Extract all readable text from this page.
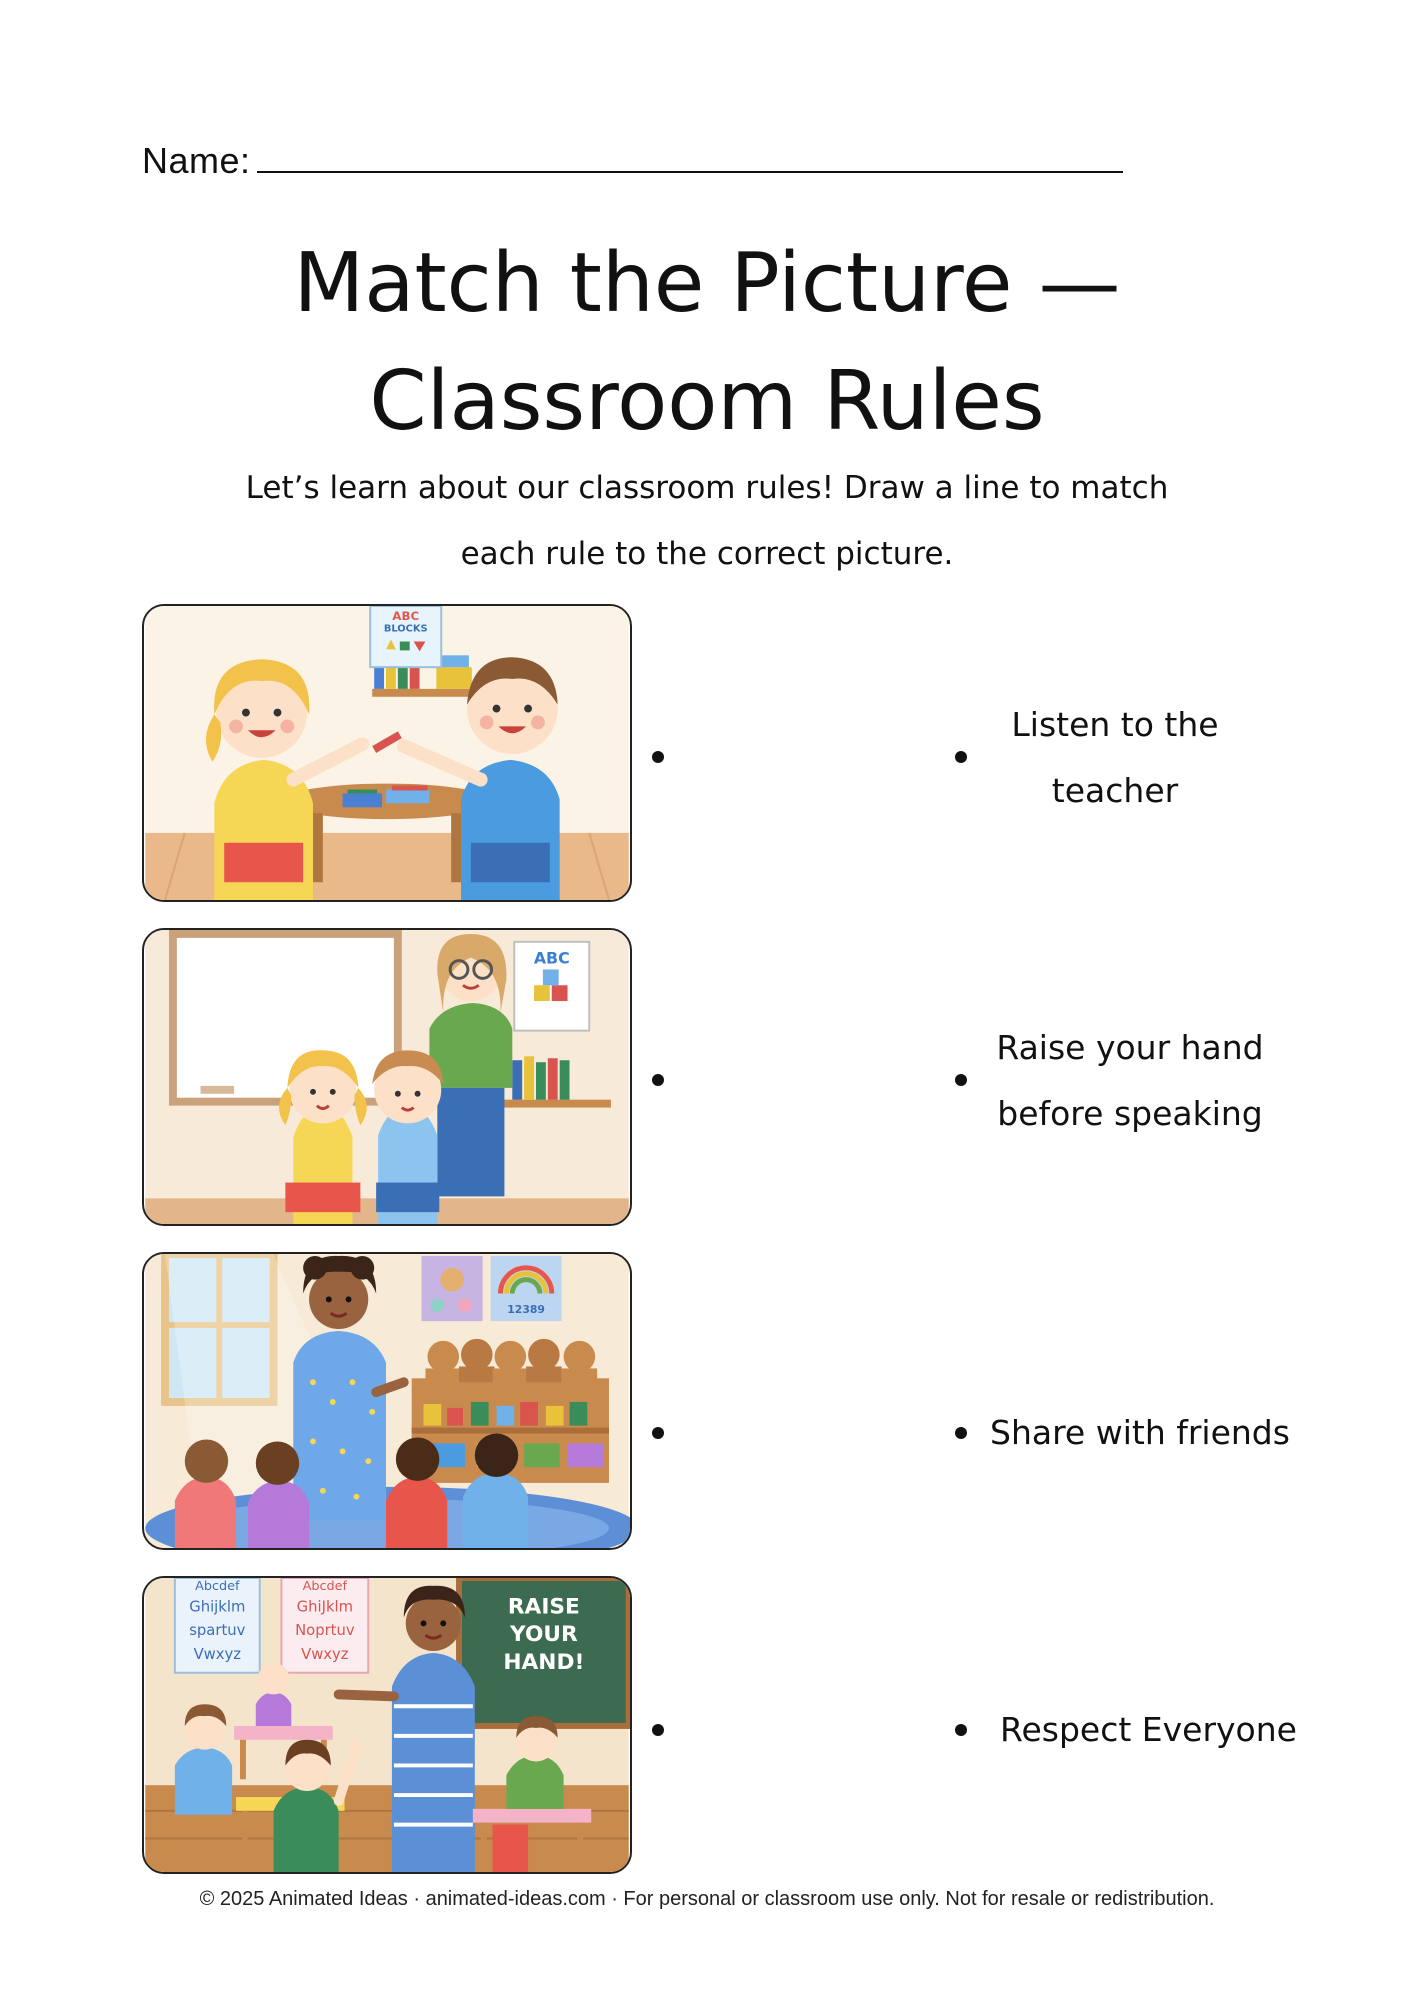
Name:
Match the Picture —
Classroom Rules

Let’s learn about our classroom rules! Draw a line to match
each rule to the correct picture.

ABC
BLOCKS
ABC
12389
RAISE
YOUR
HAND!
Abcdef
Ghijklm
spartuv
Vwxyz
Abcdef
GhiJklm
Noprtuv
Vwxyz
Listen to the
teacher
Raise your hand
before speaking
Share with friends
Respect Everyone
© 2025 Animated Ideas · animated-ideas.com · For personal or classroom use only. Not for resale or redistribution.
